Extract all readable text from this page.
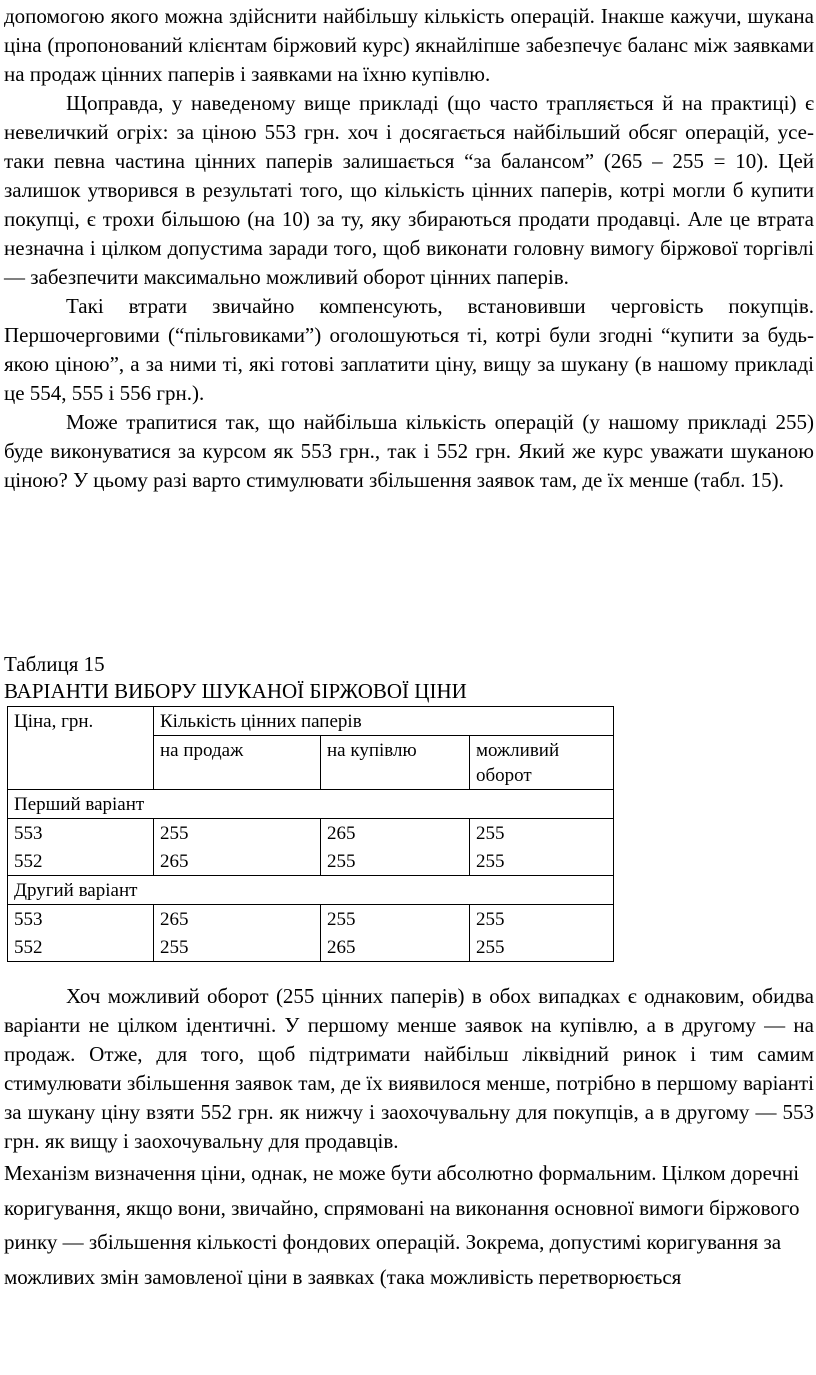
допомогою якого можна здійснити найбільшу кількість операцій. Інакше кажучи, шукана ціна (пропонований клієнтам біржовий курс) якнайліпше забезпечує баланс між заявками на продаж цінних паперів і заявками на їхню купівлю.

Щоправда, у наведеному вище прикладі (що часто трапляється й на практиці) є невеличкий огріх: за ціною 553 грн. хоч і досягається найбільший обсяг операцій, усе-таки певна частина цінних паперів залишається “за балансом” (265 – 255 = 10). Цей залишок утворився в результаті того, що кількість цінних паперів, котрі могли б купити покупці, є трохи більшою (на 10) за ту, яку збираються продати продавці. Але це втрата незначна і цілком допустима заради того, щоб виконати головну вимогу біржової торгівлі — забезпечити максимально можливий оборот цінних паперів.

Такі втрати звичайно компенсують, встановивши черговість покупців. Першочерговими (“пільговиками”) оголошуються ті, котрі були згодні “купити за будь-якою ціною”, а за ними ті, які готові заплатити ціну, вищу за шукану (в нашому прикладі це 554, 555 і 556 грн.).

Може трапитися так, що найбільша кількість операцій (у нашому прикладі 255) буде виконуватися за курсом як 553 грн., так і 552 грн. Який же курс уважати шуканою ціною? У цьому разі варто стимулювати збільшення заявок там, де їх менше (табл. 15).

Таблиця 15
ВАРІАНТИ ВИБОРУ ШУКАНОЇ БІРЖОВОЇ ЦІНИ
Ціна, грн.	Кількість цінних паперів		
	на продаж	на купівлю	можливий оборот
Перший варіант			
553	255	265	255
552	265	255	255
Другий варіант			
553	265	255	255
552	255	265	255

Хоч можливий оборот (255 цінних паперів) в обох випадках є однаковим, обидва варіанти не цілком ідентичні. У першому менше заявок на купівлю, а в другому — на продаж. Отже, для того, щоб підтримати найбільш ліквідний ринок і тим самим стимулювати збільшення заявок там, де їх виявилося менше, потрібно в першому варіанті за шукану ціну взяти 552 грн. як нижчу і заохочувальну для покупців, а в другому — 553 грн. як вищу і заохочувальну для продавців.

Механізм визначення ціни, однак, не може бути абсолютно формальним. Цілком доречні коригування, якщо вони, звичайно, спрямовані на виконання основної вимоги біржового ринку — збільшення кількості фондових операцій. Зокрема, допустимі коригування за можливих змін замовленої ціни в заявках (така можливість перетворюється
